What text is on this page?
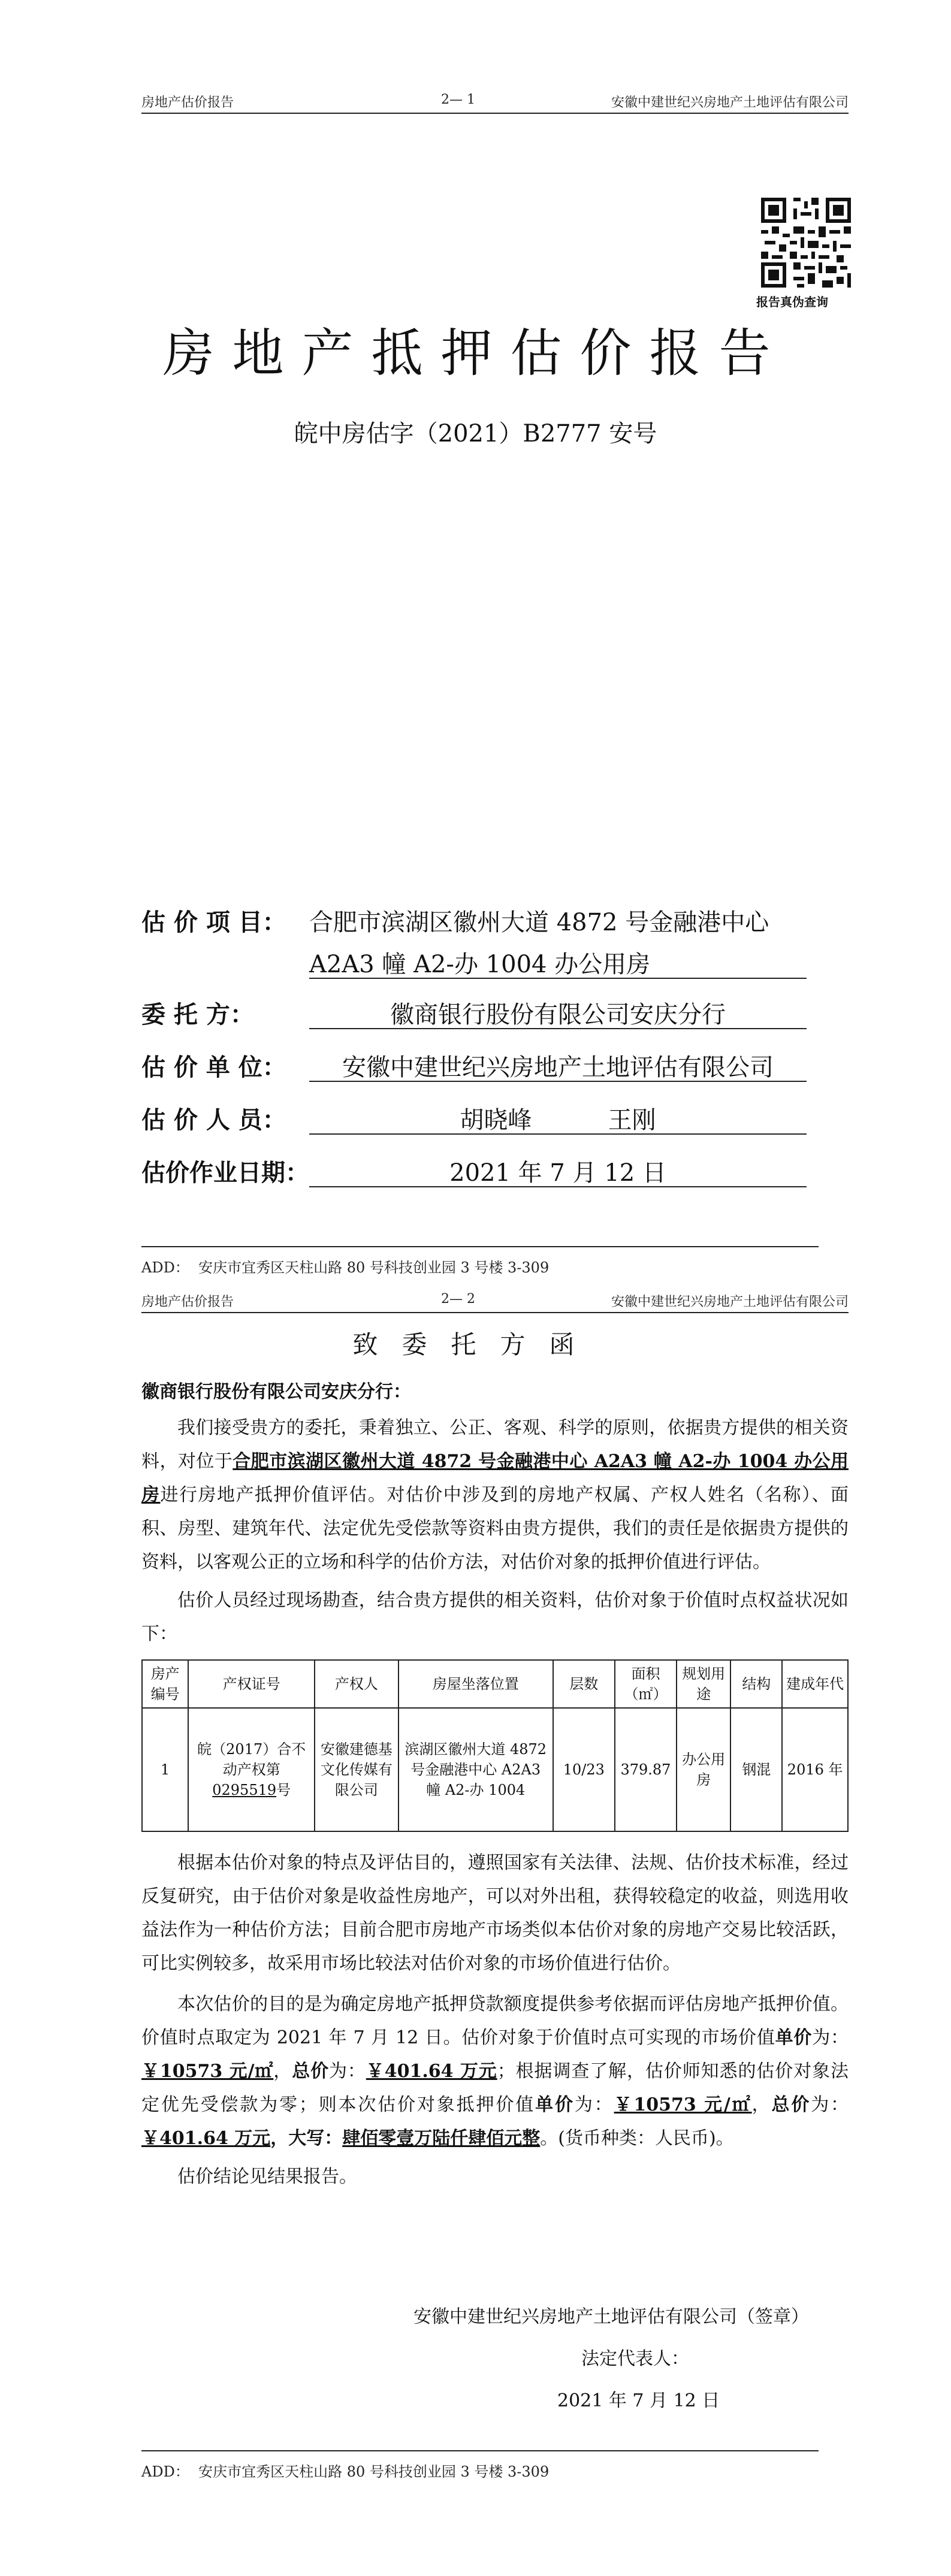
房地产估价报告	2— 1	安徽中建世纪兴房地产土地评估有限公司
报告真伪查询
房地产抵押估价报告
皖中房估字（2021）B2777 安号
估 价 项 目： 合肥市滨湖区徽州大道 4872 号金融港中心
A2A3 幢 A2-办 1004 办公用房
委 托 方：	徽商银行股份有限公司安庆分行
估 价 单 位：	安徽中建世纪兴房地产土地评估有限公司
估 价 人 员：	胡晓峰          王刚
估价作业日期：	2021 年 7 月 12 日
ADD：  安庆市宜秀区天柱山路 80 号科技创业园 3 号楼 3-309
房地产估价报告	2— 2	安徽中建世纪兴房地产土地评估有限公司
致委托方函
徽商银行股份有限公司安庆分行：

我们接受贵方的委托，秉着独立、公正、客观、科学的原则，依据贵方提供的相关资料，对位于合肥市滨湖区徽州大道 4872 号金融港中心 A2A3 幢 A2-办 1004 办公用房进行房地产抵押价值评估。对估价中涉及到的房地产权属、产权人姓名（名称）、面积、房型、建筑年代、法定优先受偿款等资料由贵方提供，我们的责任是依据贵方提供的资料，以客观公正的立场和科学的估价方法，对估价对象的抵押价值进行评估。

估价人员经过现场勘查，结合贵方提供的相关资料，估价对象于价值时点权益状况如下：

房产编号	产权证号	产权人	房屋坐落位置	层数	面积（㎡）	规划用途	结构	建成年代
1	皖（2017）合不动产权第0295519号	安徽建德基文化传媒有限公司	滨湖区徽州大道 4872 号金融港中心 A2A3 幢 A2-办 1004	10/23	379.87	办公用房	钢混	2016 年

根据本估价对象的特点及评估目的，遵照国家有关法律、法规、估价技术标准，经过反复研究，由于估价对象是收益性房地产，可以对外出租，获得较稳定的收益，则选用收益法作为一种估价方法；目前合肥市房地产市场类似本估价对象的房地产交易比较活跃，可比实例较多，故采用市场比较法对估价对象的市场价值进行估价。

本次估价的目的是为确定房地产抵押贷款额度提供参考依据而评估房地产抵押价值。价值时点取定为 2021 年 7 月 12 日。估价对象于价值时点可实现的市场价值单价为：￥10573 元/㎡，总价为：￥401.64 万元；根据调查了解，估价师知悉的估价对象法定优先受偿款为零；则本次估价对象抵押价值单价为：￥10573 元/㎡，总价为：￥401.64 万元，大写：肆佰零壹万陆仟肆佰元整。(货币种类：人民币)。

估价结论见结果报告。

安徽中建世纪兴房地产土地评估有限公司（签章）
法定代表人：
2021 年 7 月 12 日
ADD：  安庆市宜秀区天柱山路 80 号科技创业园 3 号楼 3-309
